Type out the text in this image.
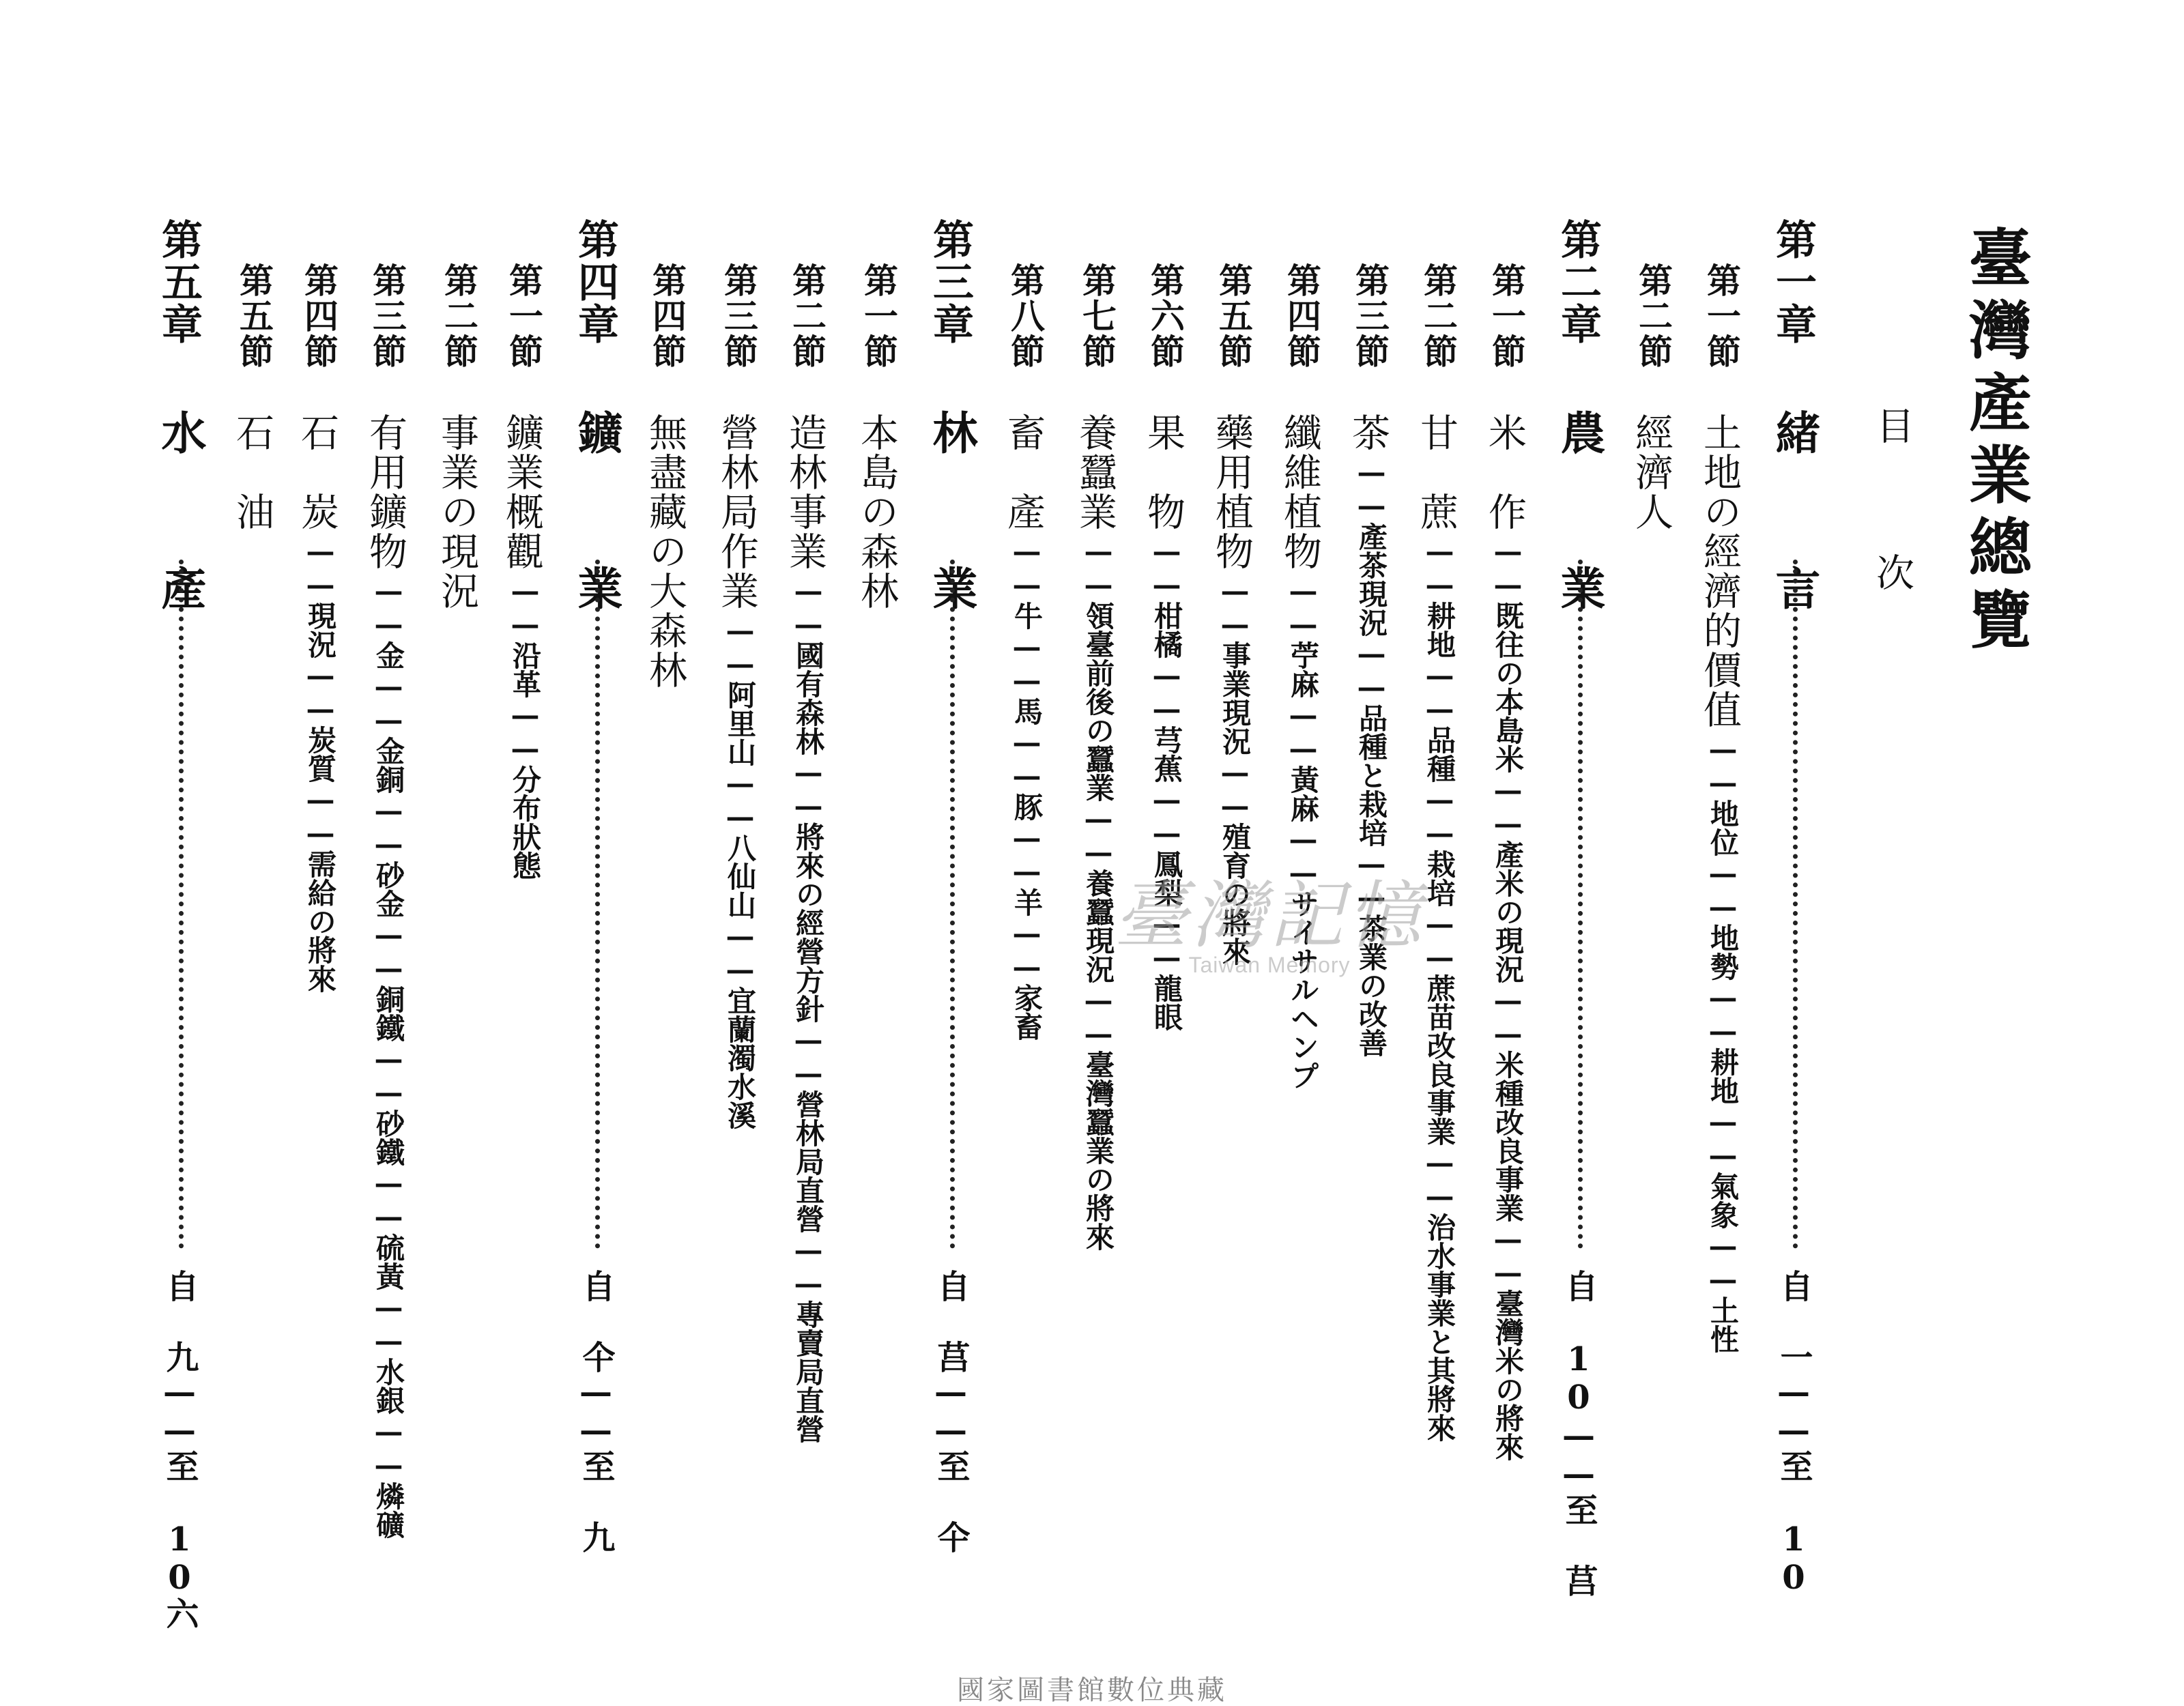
臺灣產業總覽
目
次
第一章
緒　言
自 一——至 10
第一節
土地の經濟的價值
——地位——地勢——耕地——氣象——土性
第二節
經濟人
第二章
農　業
自 10——至 莒
第一節
米　作
——既往の本島米——產米の現況——米種改良事業——臺灣米の將來
第二節
甘　蔗
——耕地——品種——栽培——蔗苗改良事業——治水事業と其將來
第三節
茶
——產茶現況——品種と栽培——茶業の改善
第四節
纖維植物
——苧麻——黃麻——サイサルヘンプ
第五節
藥用植物
——事業現況——殖育の將來
第六節
果　物
——柑橘——芎蕉——鳳梨——龍眼
第七節
養蠶業
——領臺前後の蠶業——養蠶現況——臺灣蠶業の將來
第八節
畜　產
——牛——馬——豚——羊——家畜
第三章
林　業
自 莒——至 仐
第一節
本島の森林
第二節
造林事業
——國有森林——將來の經營方針——營林局直營——專賣局直營
第三節
營林局作業
——阿里山——八仙山——宜蘭濁水溪
第四節
無盡藏の大森林
第四章
鑛　業
自 仐——至 九
第一節
鑛業概觀
——沿革——分布狀態
第二節
事業の現況
第三節
有用鑛物
——金——金銅——砂金——銅鐵——砂鐵——硫黃——水銀——燐礦
第四節
石　炭
——現況——炭質——需給の將來
第五節
石　油
第五章
水　產
自 九——至 10六
臺灣記憶
Taiwan Memory
國家圖書館數位典藏
